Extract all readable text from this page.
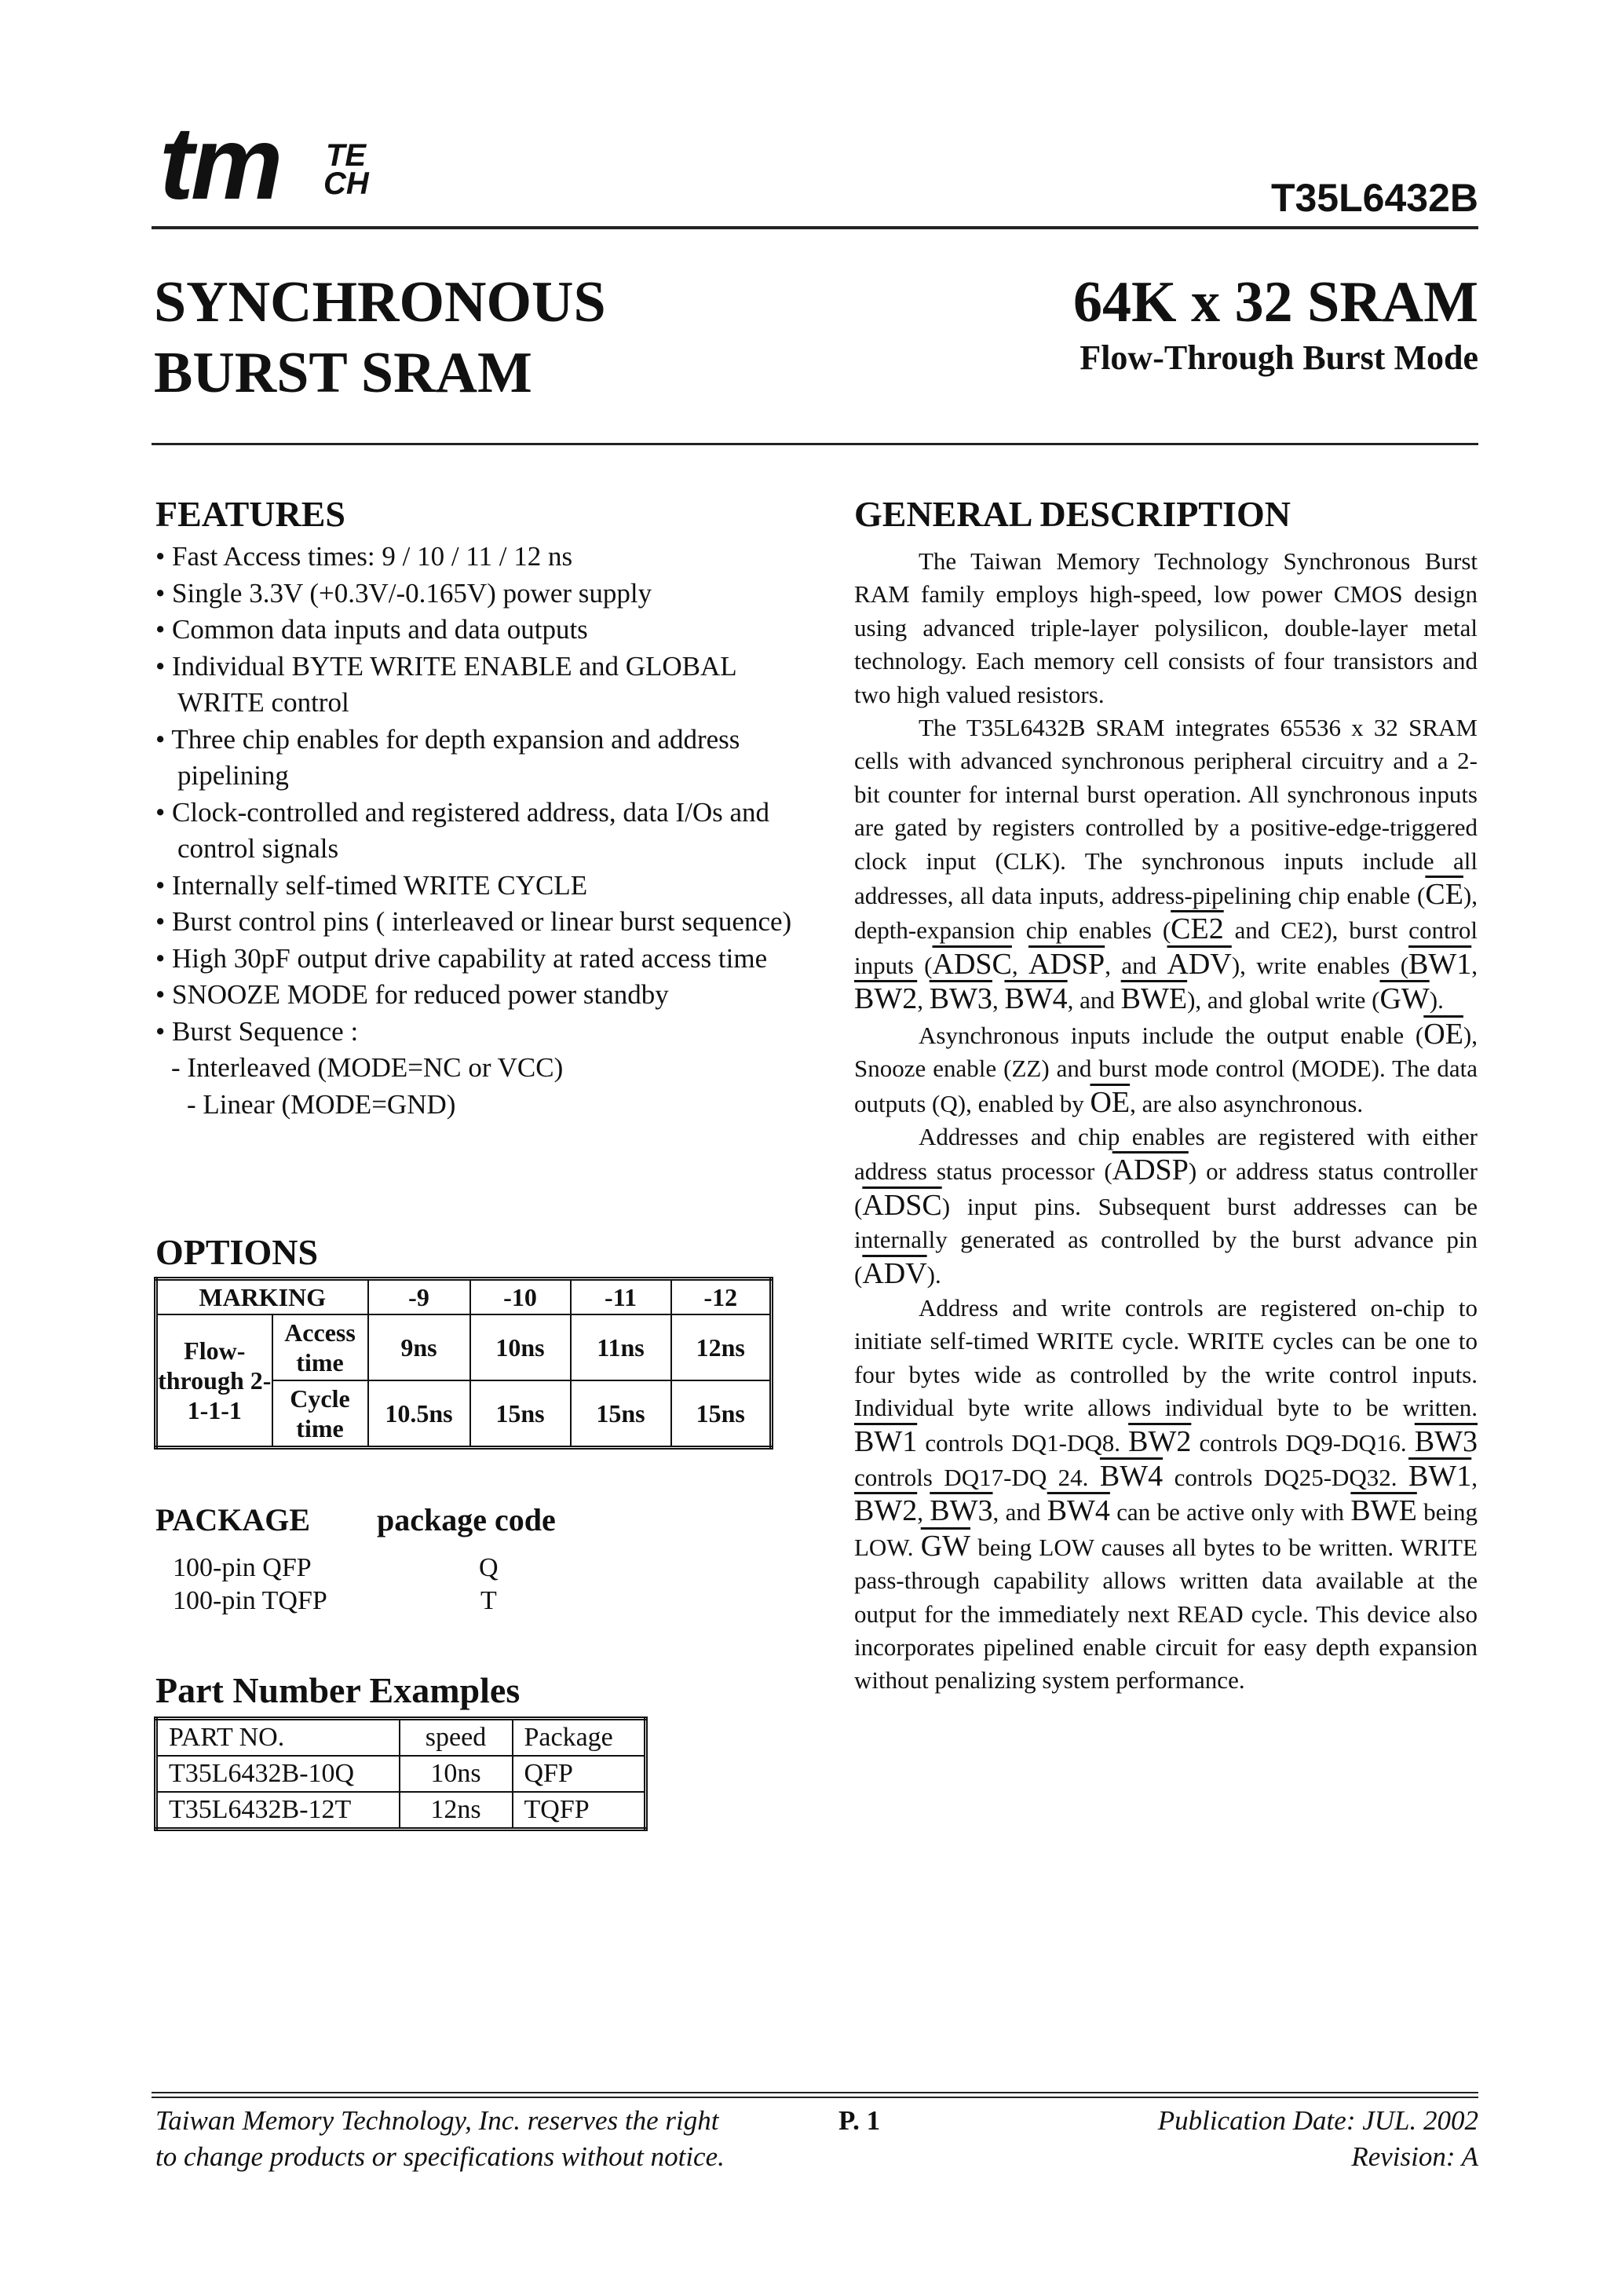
tm TE
CH	T35L6432B
SYNCHRONOUS
BURST SRAM
64K x 32 SRAM
Flow-Through Burst Mode
FEATURES
• Fast Access times: 9 / 10 / 11 / 12 ns
• Single 3.3V (+0.3V/-0.165V) power supply
• Common data inputs and data outputs
• Individual BYTE WRITE ENABLE and GLOBAL WRITE control
• Three chip enables for depth expansion and address pipelining
• Clock-controlled and registered address, data I/Os and control signals
• Internally self-timed WRITE CYCLE
• Burst control pins ( interleaved or linear burst sequence)
• High 30pF output drive capability at rated access time
• SNOOZE MODE for reduced power standby
• Burst Sequence :
- Interleaved (MODE=NC or VCC)
- Linear (MODE=GND)
OPTIONS
MARKING		-9	-10	-11	-12
Flow-through 2-1-1-1	Access time	9ns	10ns	11ns	12ns
	Cycle time	10.5ns	15ns	15ns	15ns
PACKAGE package code
100-pin QFP	Q
100-pin TQFP	T
Part Number Examples
PART NO.	speed	Package
T35L6432B-10Q	10ns	QFP
T35L6432B-12T	12ns	TQFP
GENERAL DESCRIPTION

The Taiwan Memory Technology Synchronous Burst RAM family employs high-speed, low power CMOS design using advanced triple-layer polysilicon, double-layer metal technology. Each memory cell consists of four transistors and two high valued resistors.

The T35L6432B SRAM integrates 65536 x 32 SRAM cells with advanced synchronous peripheral circuitry and a 2-bit counter for internal burst operation. All synchronous inputs are gated by registers controlled by a positive-edge-triggered clock input (CLK). The synchronous inputs include all addresses, all data inputs, address-pipelining chip enable $(\overline{CE})$, depth-expansion chip enables (CE2 and CE2), burst control inputs (ADSC, ADSP, and $\overline{ADV}$), write enables (BW1, BW2, BW3, BW4, and $\overline{BWE}$), and global write $(\overline{GW})$.

Asynchronous inputs include the output enable $(\overline{OE})$, Snooze enable (ZZ) and burst mode control (MODE). The data outputs (Q), enabled by $\overline{OE}$, are also asynchronous.

Addresses and chip enables are registered with either address status processor (ADSP) or address status controller (ADSC) input pins. Subsequent burst addresses can be internally generated as controlled by the burst advance pin $(\overline{ADV})$.

Address and write controls are registered on-chip to initiate self-timed WRITE cycle. WRITE cycles can be one to four bytes wide as controlled by the write control inputs. Individual byte write allows individual byte to be written. BW1 controls DQ1-DQ8. BW2 controls DQ9-DQ16. BW3 controls DQ17-DQ 24. BW4 controls DQ25-DQ32. BW1, BW2, BW3, and BW4 can be active only with $\overline{BWE}$ being LOW. $\overline{GW}$ being LOW causes all bytes to be written. WRITE pass-through capability allows written data available at the output for the immediately next READ cycle. This device also incorporates pipelined enable circuit for easy depth expansion without penalizing system performance.

Taiwan Memory Technology, Inc. reserves the right
to change products or specifications without notice.
P. 1	Publication Date: JUL. 2002
Revision: A
